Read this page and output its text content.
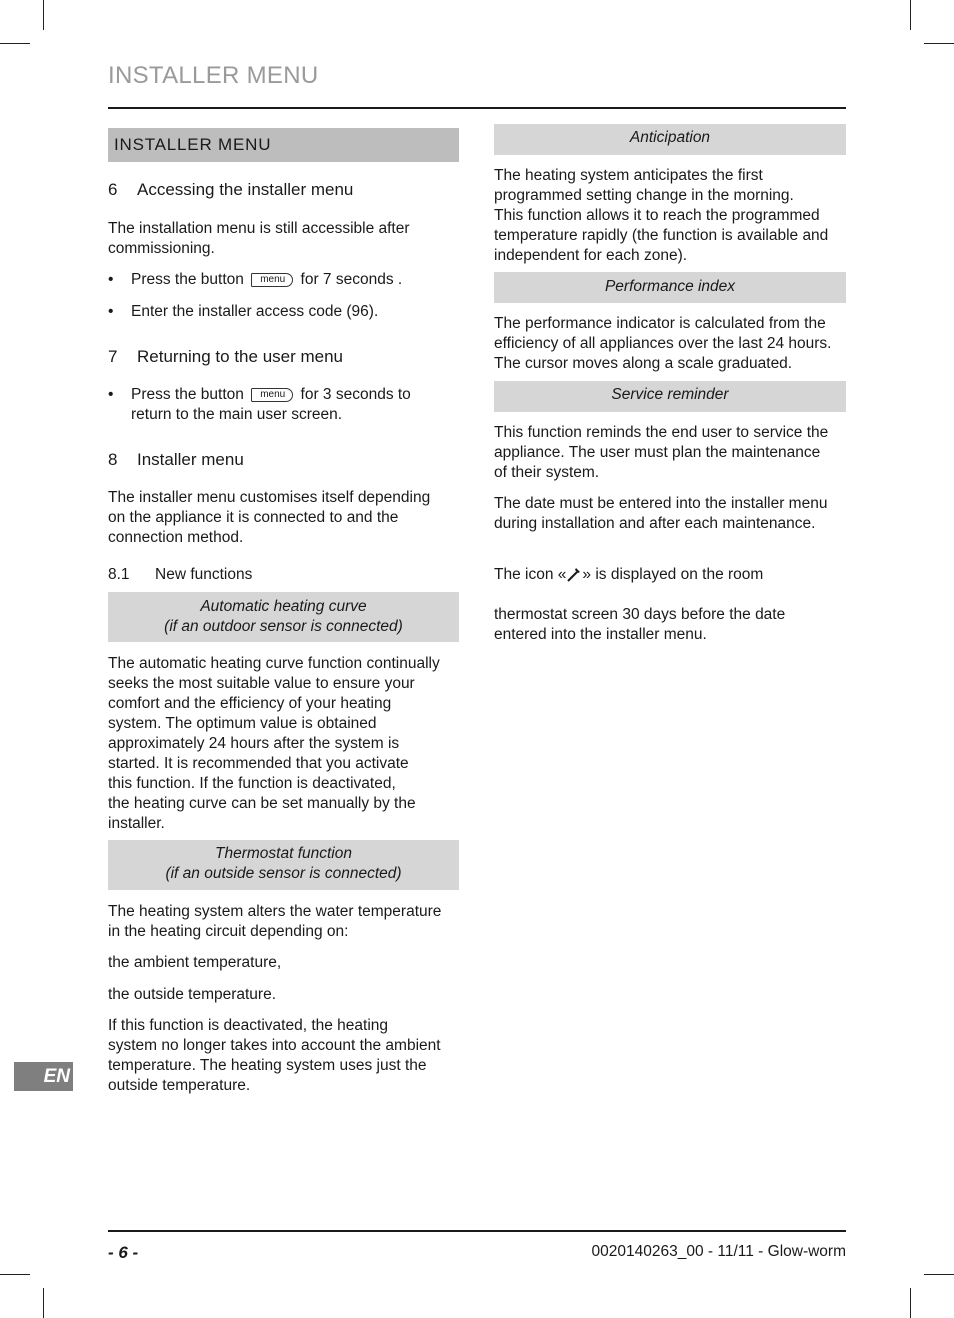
INSTALLER MENU
INSTALLER MENU
6 Accessing the installer menu

The installation menu is still accessible after
commissioning.

• Press the button menu for 7 seconds .
• Enter the installer access code (96).
7 Returning to the user menu
• Press the button menu for 3 seconds to
return to the main user screen.
8 Installer menu

The installer menu customises itself depending
on the appliance it is connected to and the
connection method.

8.1 New functions
Automatic heating curve
(if an outdoor sensor is connected)

The automatic heating curve function continually
seeks the most suitable value to ensure your
comfort and the efficiency of your heating
system. The optimum value is obtained
approximately 24 hours after the system is
started. It is recommended that you activate
this function. If the function is deactivated,
the heating curve can be set manually by the
installer.

Thermostat function
(if an outside sensor is connected)

The heating system alters the water temperature
in the heating circuit depending on:

the ambient temperature,

the outside temperature.

If this function is deactivated, the heating
system no longer takes into account the ambient
temperature. The heating system uses just the
outside temperature.

Anticipation

The heating system anticipates the first
programmed setting change in the morning.
This function allows it to reach the programmed
temperature rapidly (the function is available and
independent for each zone).

Performance index

The performance indicator is calculated from the
efficiency of all appliances over the last 24 hours.
The cursor moves along a scale graduated.

Service reminder

This function reminds the end user to service the
appliance. The user must plan the maintenance
of their system.

The date must be entered into the installer menu
during installation and after each maintenance.

The icon « » is displayed on the room

thermostat screen 30 days before the date
entered into the installer menu.

EN
- 6 -	0020140263_00 - 11/11 - Glow-worm
